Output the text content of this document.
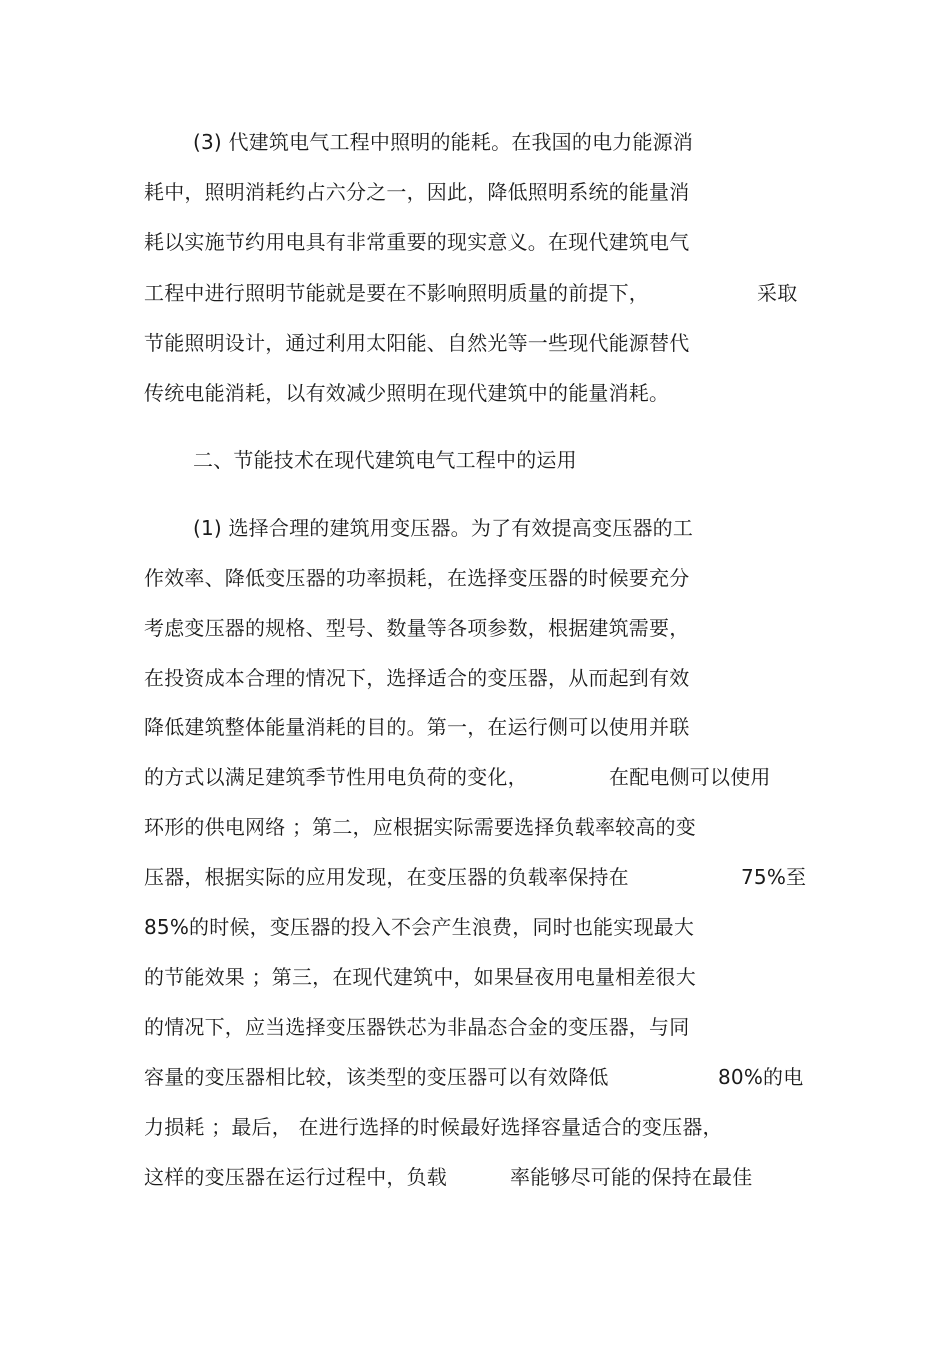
(3) 代建筑电气工程中照明的能耗。在我国的电力能源消
耗中，照明消耗约占六分之一，因此，降低照明系统的能量消
耗以实施节约用电具有非常重要的现实意义。在现代建筑电气
工程中进行照明节能就是要在不影响照明质量的前提下，	采取
节能照明设计，通过利用太阳能、自然光等一些现代能源替代
传统电能消耗，以有效减少照明在现代建筑中的能量消耗。
二、节能技术在现代建筑电气工程中的运用
(1) 选择合理的建筑用变压器。为了有效提高变压器的工
作效率、降低变压器的功率损耗，在选择变压器的时候要充分
考虑变压器的规格、型号、数量等各项参数，根据建筑需要，
在投资成本合理的情况下，选择适合的变压器，从而起到有效
降低建筑整体能量消耗的目的。第一，在运行侧可以使用并联
的方式以满足建筑季节性用电负荷的变化，	在配电侧可以使用
环形的供电网络 ；第二，应根据实际需要选择负载率较高的变
压器，根据实际的应用发现，在变压器的负载率保持在	75%至
85%的时候，变压器的投入不会产生浪费，同时也能实现最大
的节能效果 ；第三，在现代建筑中，如果昼夜用电量相差很大
的情况下，应当选择变压器铁芯为非晶态合金的变压器，与同
容量的变压器相比较，该类型的变压器可以有效降低	80%的电
力损耗 ；最后， 在进行选择的时候最好选择容量适合的变压器，
这样的变压器在运行过程中，负载	率能够尽可能的保持在最佳
